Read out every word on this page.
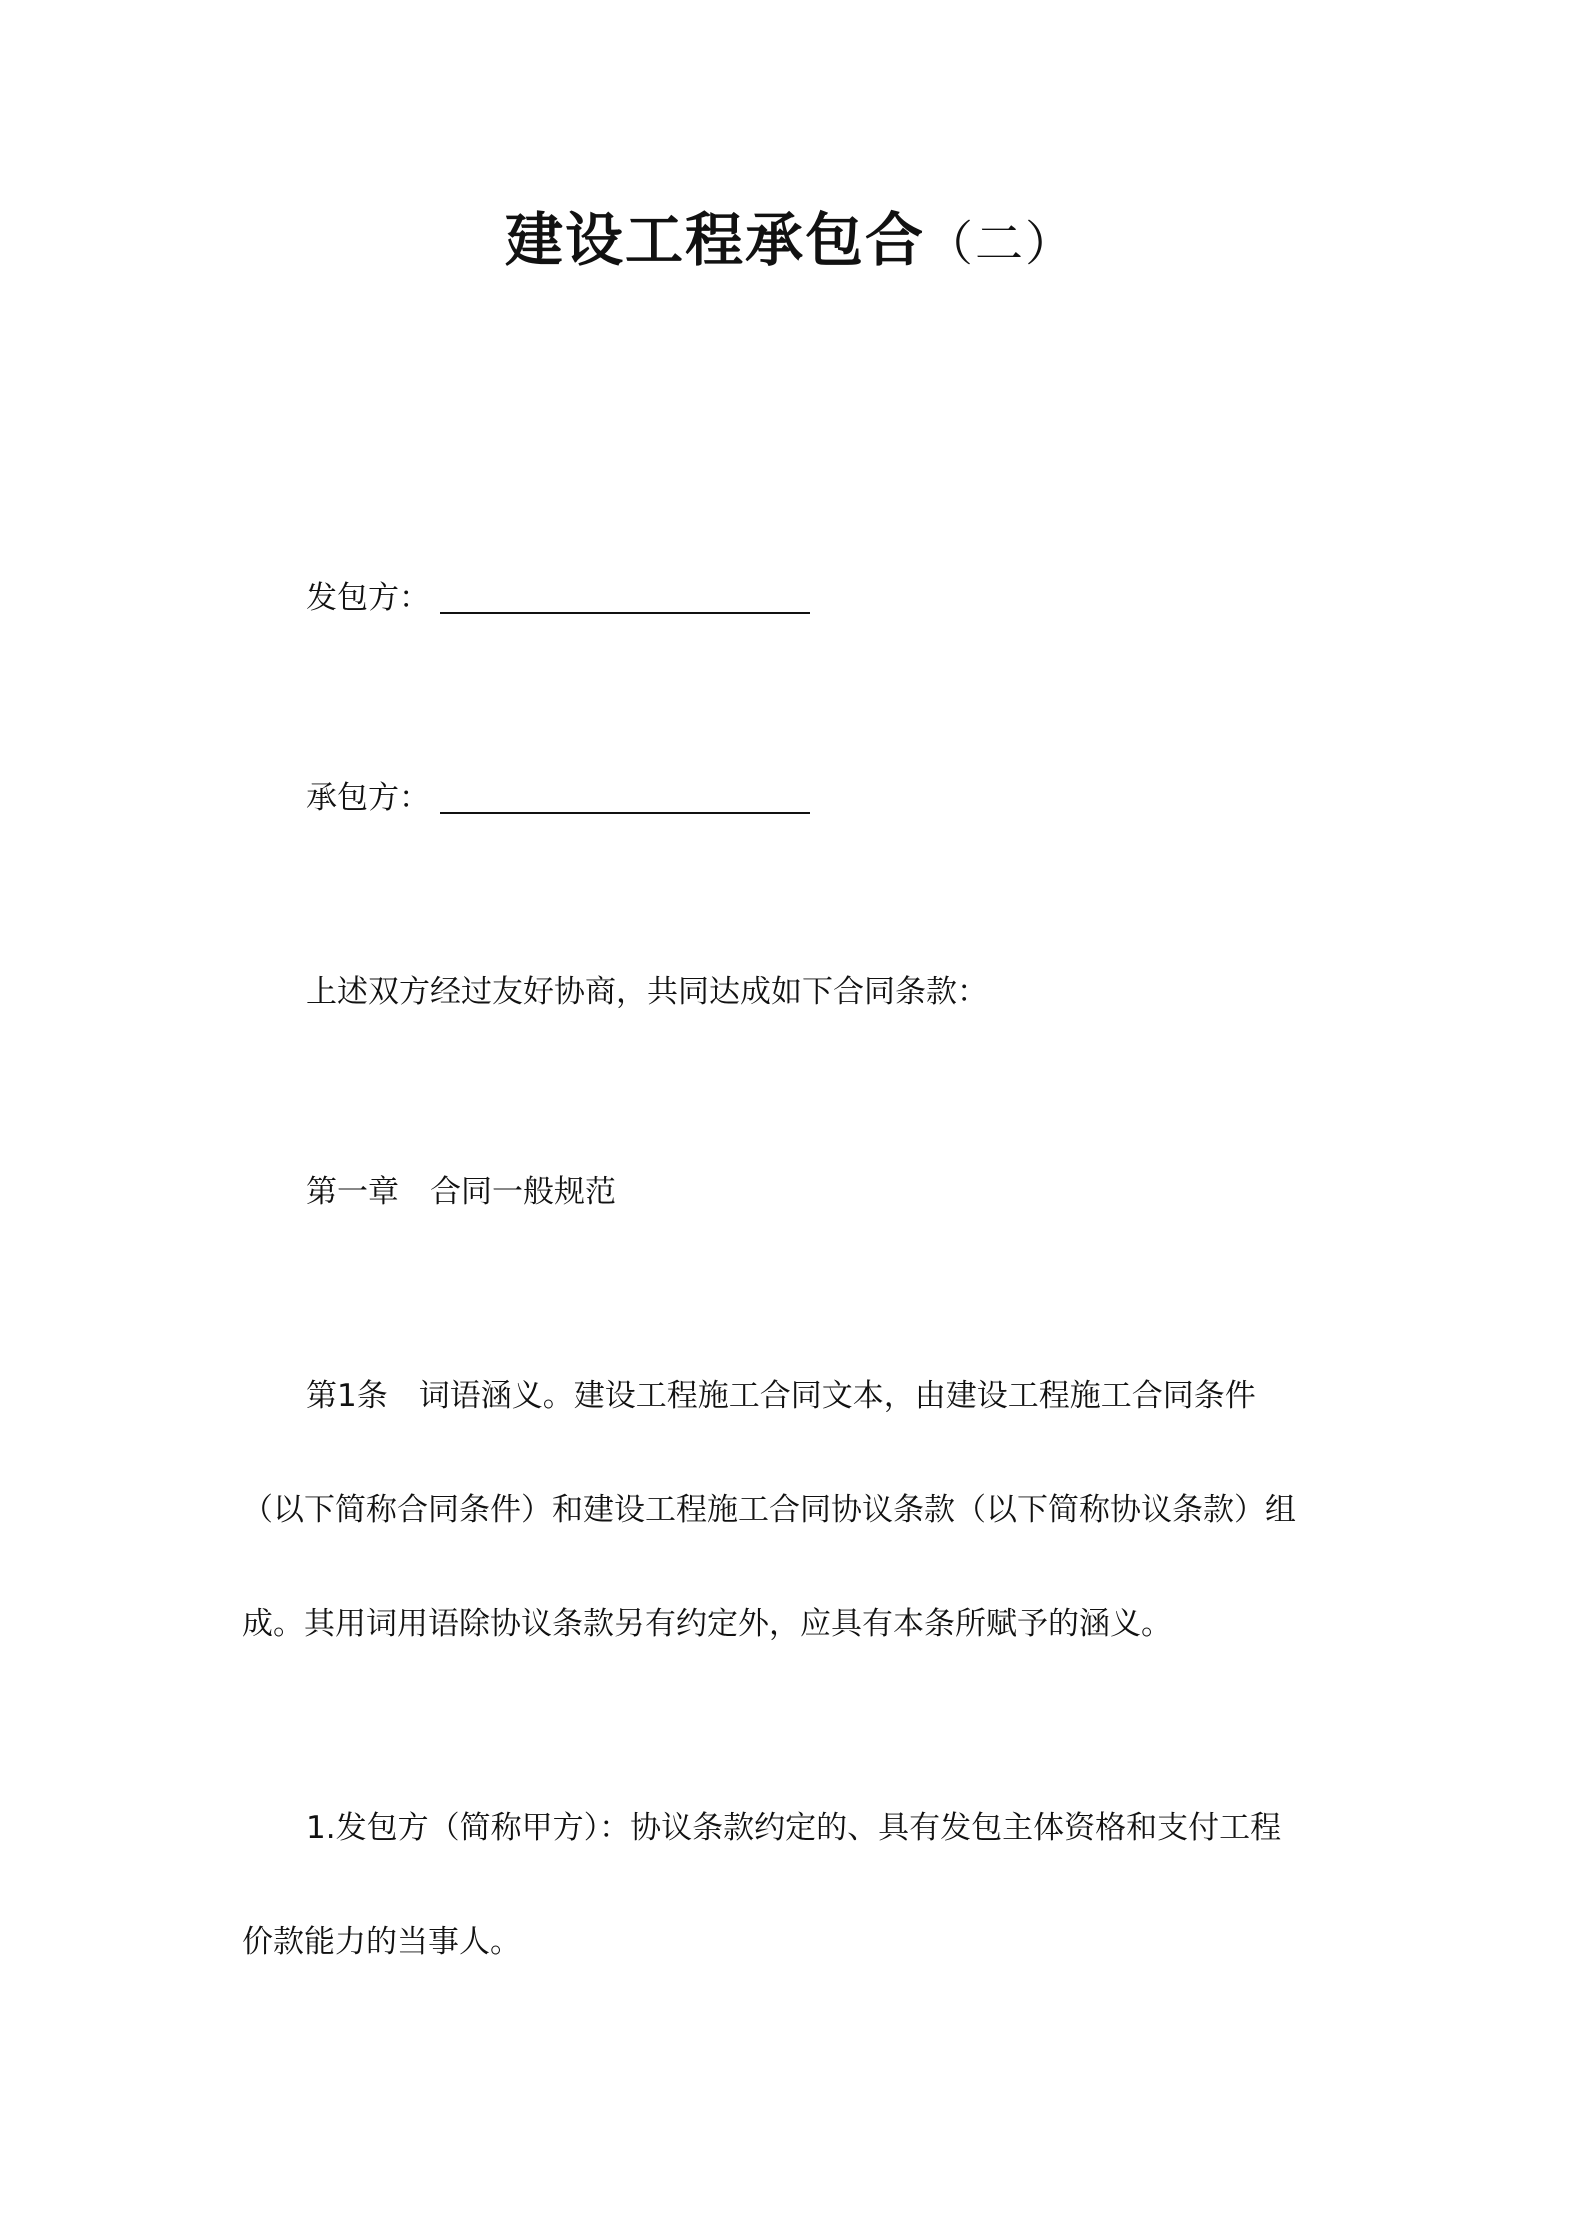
建设工程承包合（二）
发包方：
承包方：
上述双方经过友好协商，共同达成如下合同条款：
第一章　合同一般规范
第1条　词语涵义。建设工程施工合同文本，由建设工程施工合同条件
（以下简称合同条件）和建设工程施工合同协议条款（以下简称协议条款）组
成。其用词用语除协议条款另有约定外，应具有本条所赋予的涵义。
1.发包方（简称甲方）：协议条款约定的、具有发包主体资格和支付工程
价款能力的当事人。
